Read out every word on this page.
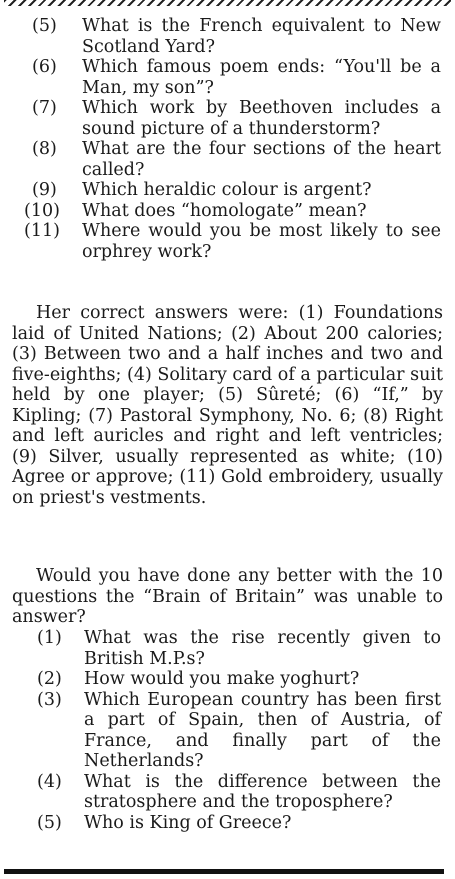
(5) What is the French equivalent to New Scotland Yard?
(6) Which famous poem ends: “You'll be a Man, my son”?
(7) Which work by Beethoven includes a sound picture of a thunderstorm?
(8) What are the four sections of the heart called?
(9) Which heraldic colour is argent?
(10) What does “homologate” mean?
(11) Where would you be most likely to see orphrey work?
Her correct answers were: (1) Foundations laid of United Nations; (2) About 200 calories; (3) Between two and a half inches and two and five-eighths; (4) Solitary card of a particular suit held by one player; (5) Sûreté; (6) “If,” by Kipling; (7) Pastoral Symphony, No. 6; (8) Right and left auricles and right and left ventricles; (9) Silver, usually represented as white; (10) Agree or approve; (11) Gold embroidery, usually on priest's vestments.
Would you have done any better with the 10 questions the “Brain of Britain” was unable to answer?
(1) What was the rise recently given to British M.P.s?
(2) How would you make yoghurt?
(3) Which European country has been first a part of Spain, then of Austria, of France, and finally part of the Netherlands?
(4) What is the difference between the stratosphere and the troposphere?
(5) Who is King of Greece?
